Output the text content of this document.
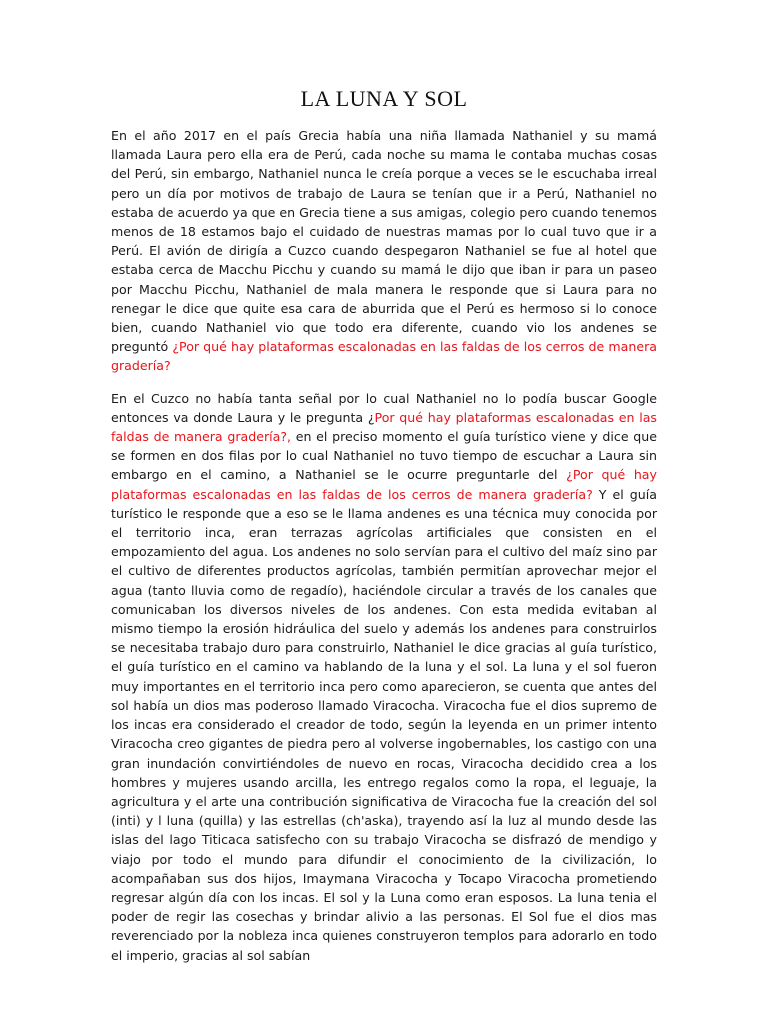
LA LUNA Y SOL

En el año 2017 en el país Grecia había una niña llamada Nathaniel y su mamá llamada Laura pero ella era de Perú, cada noche su mama le contaba muchas cosas del Perú, sin embargo, Nathaniel nunca le creía porque a veces se le escuchaba irreal pero un día por motivos de trabajo de Laura se tenían que ir a Perú, Nathaniel no estaba de acuerdo ya que en Grecia tiene a sus amigas, colegio pero cuando tenemos menos de 18 estamos bajo el cuidado de nuestras mamas por lo cual tuvo que ir a Perú. El avión de dirigía a Cuzco cuando despegaron Nathaniel se fue al hotel que estaba cerca de Macchu Picchu y cuando su mamá le dijo que iban ir para un paseo por Macchu Picchu, Nathaniel de mala manera le responde que si Laura para no renegar le dice que quite esa cara de aburrida que el Perú es hermoso si lo conoce bien, cuando Nathaniel vio que todo era diferente, cuando vio los andenes se preguntó ¿Por qué hay plataformas escalonadas en las faldas de los cerros de manera gradería?

En el Cuzco no había tanta señal por lo cual Nathaniel no lo podía buscar Google entonces va donde Laura y le pregunta ¿Por qué hay plataformas escalonadas en las faldas de manera gradería?, en el preciso momento el guía turístico viene y dice que se formen en dos filas por lo cual Nathaniel no tuvo tiempo de escuchar a Laura sin embargo en el camino, a Nathaniel se le ocurre preguntarle del ¿Por qué hay plataformas escalonadas en las faldas de los cerros de manera gradería? Y el guía turístico le responde que a eso se le llama andenes es una técnica muy conocida por el territorio inca, eran terrazas agrícolas artificiales que consisten en el empozamiento del agua. Los andenes no solo servían para el cultivo del maíz sino par el cultivo de diferentes productos agrícolas, también permitían aprovechar mejor el agua (tanto lluvia como de regadío), haciéndole circular a través de los canales que comunicaban los diversos niveles de los andenes. Con esta medida evitaban al mismo tiempo la erosión hidráulica del suelo y además los andenes para construirlos se necesitaba trabajo duro para construirlo, Nathaniel le dice gracias al guía turístico, el guía turístico en el camino va hablando de la luna y el sol. La luna y el sol fueron muy importantes en el territorio inca pero como aparecieron, se cuenta que antes del sol había un dios mas poderoso llamado Viracocha. Viracocha fue el dios supremo de los incas era considerado el creador de todo, según la leyenda en un primer intento Viracocha creo gigantes de piedra pero al volverse ingobernables, los castigo con una gran inundación convirtiéndoles de nuevo en rocas, Viracocha decidido crea a los hombres y mujeres usando arcilla, les entrego regalos como la ropa, el leguaje, la agricultura y el arte una contribución significativa de Viracocha fue la creación del sol (inti) y l luna (quilla) y las estrellas (ch'aska), trayendo así la luz al mundo desde las islas del lago Titicaca satisfecho con su trabajo Viracocha se disfrazó de mendigo y viajo por todo el mundo para difundir el conocimiento de la civilización, lo acompañaban sus dos hijos, Imaymana Viracocha y Tocapo Viracocha prometiendo regresar algún día con los incas. El sol y la Luna como eran esposos. La luna tenia el poder de regir las cosechas y brindar alivio a las personas. El Sol fue el dios mas reverenciado por la nobleza inca quienes construyeron templos para adorarlo en todo el imperio, gracias al sol sabían
